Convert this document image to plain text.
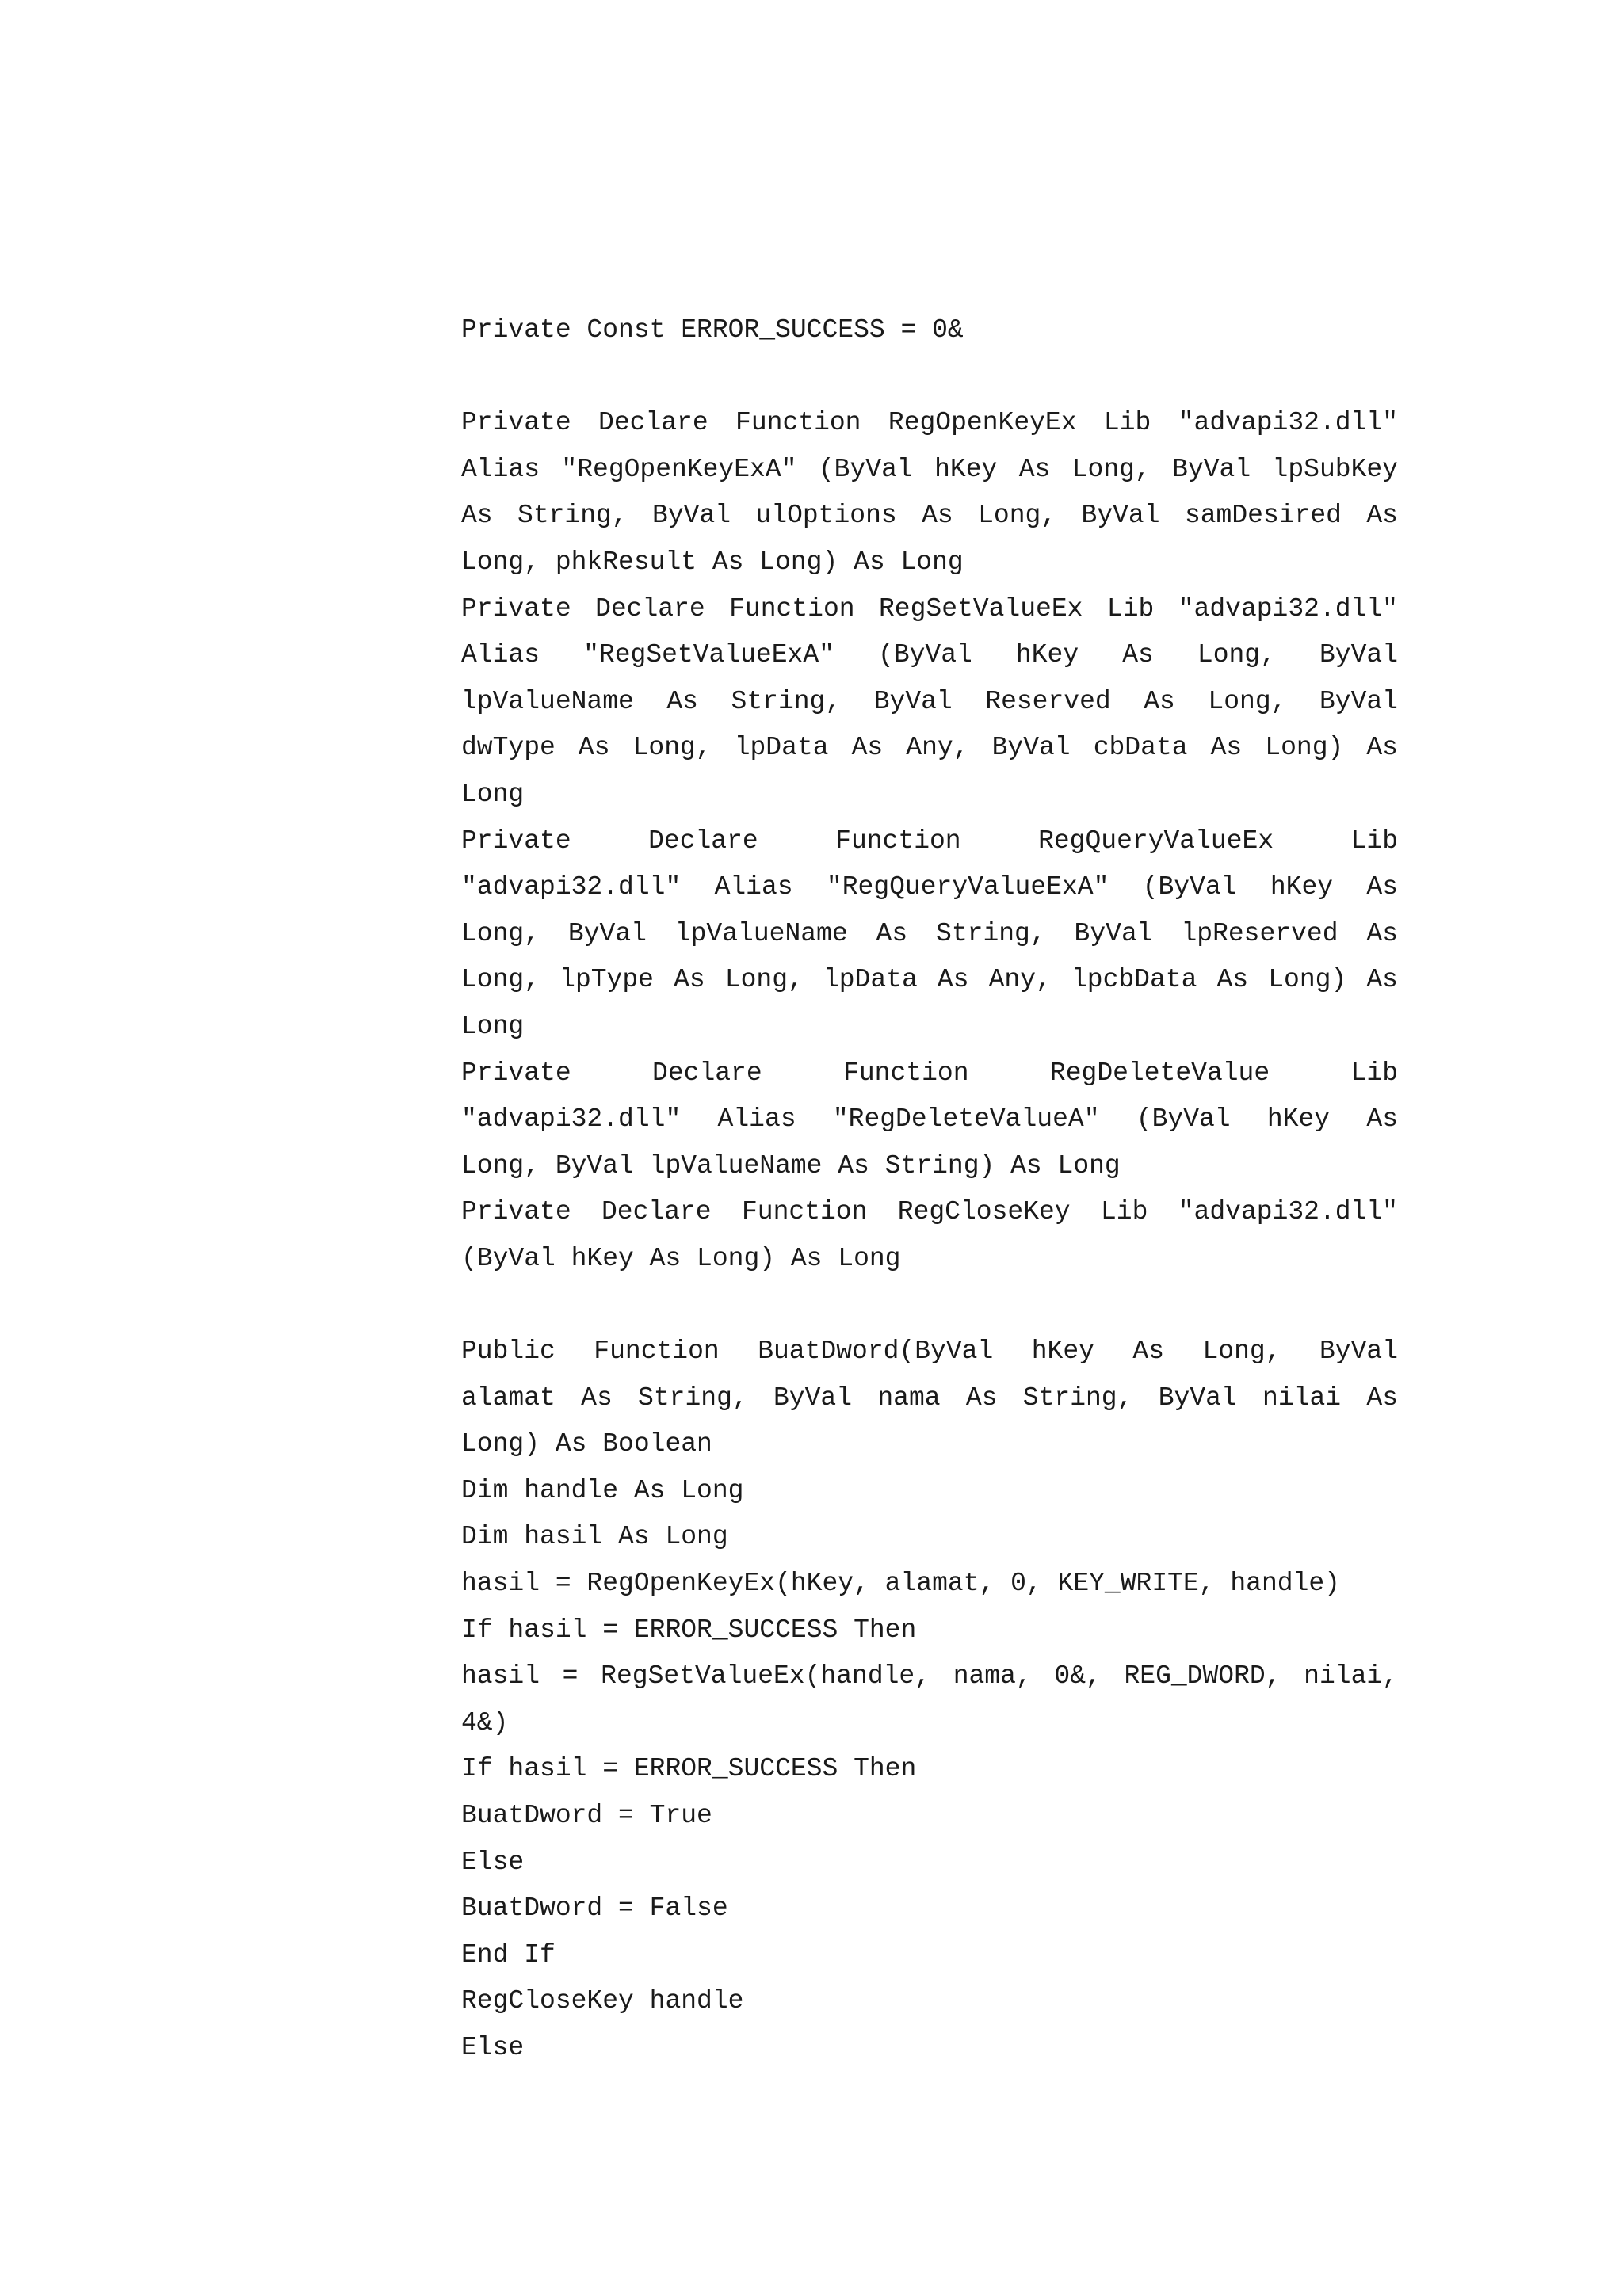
Private Const ERROR_SUCCESS = 0&
Private Declare Function RegOpenKeyEx Lib "advapi32.dll"
Alias "RegOpenKeyExA" (ByVal hKey As Long, ByVal lpSubKey
As String, ByVal ulOptions As Long, ByVal samDesired As
Long, phkResult As Long) As Long
Private Declare Function RegSetValueEx Lib "advapi32.dll"
Alias "RegSetValueExA" (ByVal hKey As Long, ByVal
lpValueName As String, ByVal Reserved As Long, ByVal
dwType As Long, lpData As Any, ByVal cbData As Long) As
Long
Private Declare Function RegQueryValueEx Lib
"advapi32.dll" Alias "RegQueryValueExA" (ByVal hKey As
Long, ByVal lpValueName As String, ByVal lpReserved As
Long, lpType As Long, lpData As Any, lpcbData As Long) As
Long
Private Declare Function RegDeleteValue Lib
"advapi32.dll" Alias "RegDeleteValueA" (ByVal hKey As
Long, ByVal lpValueName As String) As Long
Private Declare Function RegCloseKey Lib "advapi32.dll"
(ByVal hKey As Long) As Long
Public Function BuatDword(ByVal hKey As Long, ByVal
alamat As String, ByVal nama As String, ByVal nilai As
Long) As Boolean
Dim handle As Long
Dim hasil As Long
hasil = RegOpenKeyEx(hKey, alamat, 0, KEY_WRITE, handle)
If hasil = ERROR_SUCCESS Then
hasil = RegSetValueEx(handle, nama, 0&, REG_DWORD, nilai,
4&)
If hasil = ERROR_SUCCESS Then
BuatDword = True
Else
BuatDword = False
End If
RegCloseKey handle
Else
